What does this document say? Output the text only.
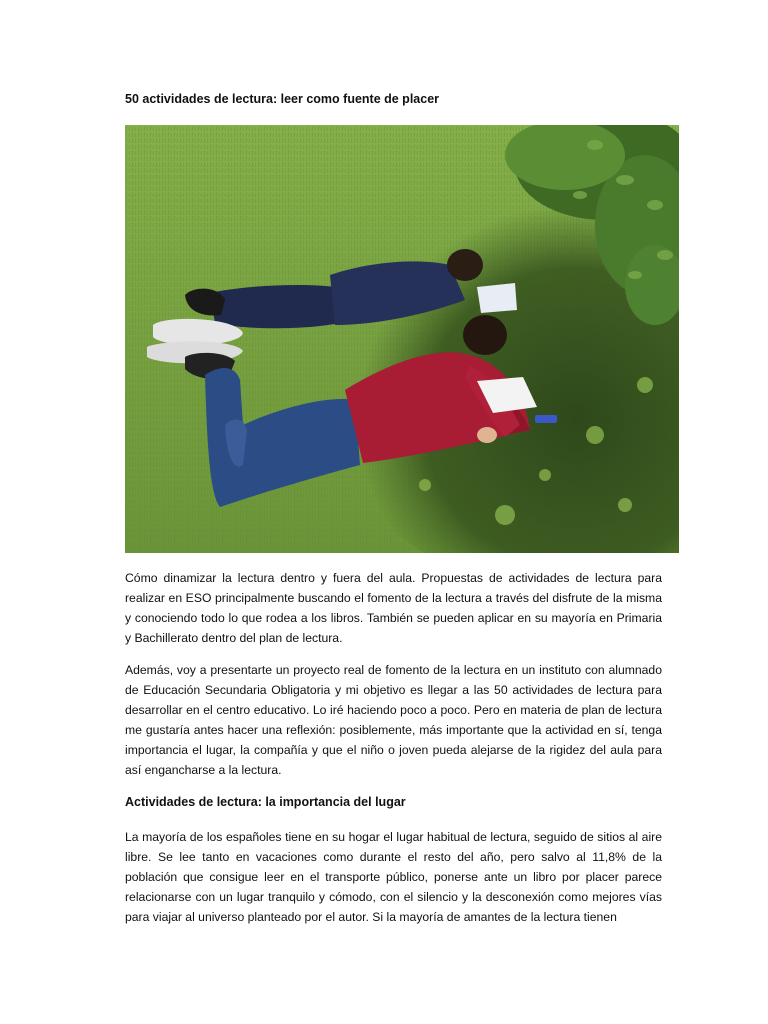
50 actividades de lectura: leer como fuente de placer
Cómo dinamizar la lectura dentro y fuera del aula. Propuestas de actividades de lectura para realizar en ESO principalmente buscando el fomento de la lectura a través del disfrute de la misma y conociendo todo lo que rodea a los libros. También se pueden aplicar en su mayoría en Primaria y Bachillerato dentro del plan de lectura.
Además, voy a presentarte un proyecto real de fomento de la lectura en un instituto con alumnado de Educación Secundaria Obligatoria y mi objetivo es llegar a las 50 actividades de lectura para desarrollar en el centro educativo. Lo iré haciendo poco a poco. Pero en materia de plan de lectura me gustaría antes hacer una reflexión: posiblemente, más importante que la actividad en sí, tenga importancia el lugar, la compañía y que el niño o joven pueda alejarse de la rigidez del aula para así engancharse a la lectura.
Actividades de lectura: la importancia del lugar
La mayoría de los españoles tiene en su hogar el lugar habitual de lectura, seguido de sitios al aire libre. Se lee tanto en vacaciones como durante el resto del año, pero salvo al 11,8% de la población que consigue leer en el transporte público, ponerse ante un libro por placer parece relacionarse con un lugar tranquilo y cómodo, con el silencio y la desconexión como mejores vías para viajar al universo planteado por el autor. Si la mayoría de amantes de la lectura tienen
